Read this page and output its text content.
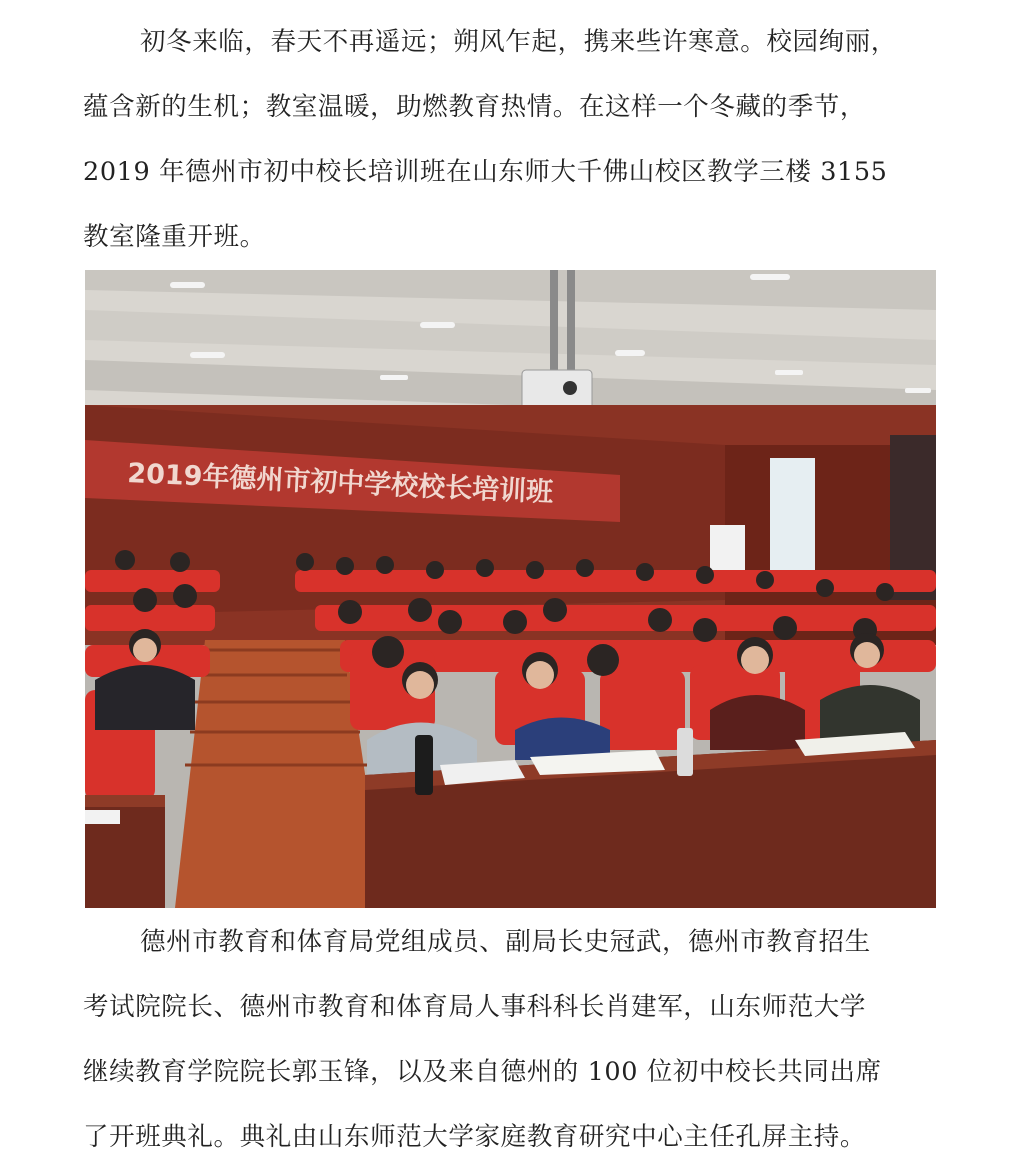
初冬来临，春天不再遥远；朔风乍起，携来些许寒意。校园绚丽，
蕴含新的生机；教室温暖，助燃教育热情。在这样一个冬藏的季节，
2019 年德州市初中校长培训班在山东师大千佛山校区教学三楼 3155
教室隆重开班。
2019年德州市初中学校校长培训班
德州市教育和体育局党组成员、副局长史冠武，德州市教育招生
考试院院长、德州市教育和体育局人事科科长肖建军，山东师范大学
继续教育学院院长郭玉锋，以及来自德州的 100 位初中校长共同出席
了开班典礼。典礼由山东师范大学家庭教育研究中心主任孔屏主持。
